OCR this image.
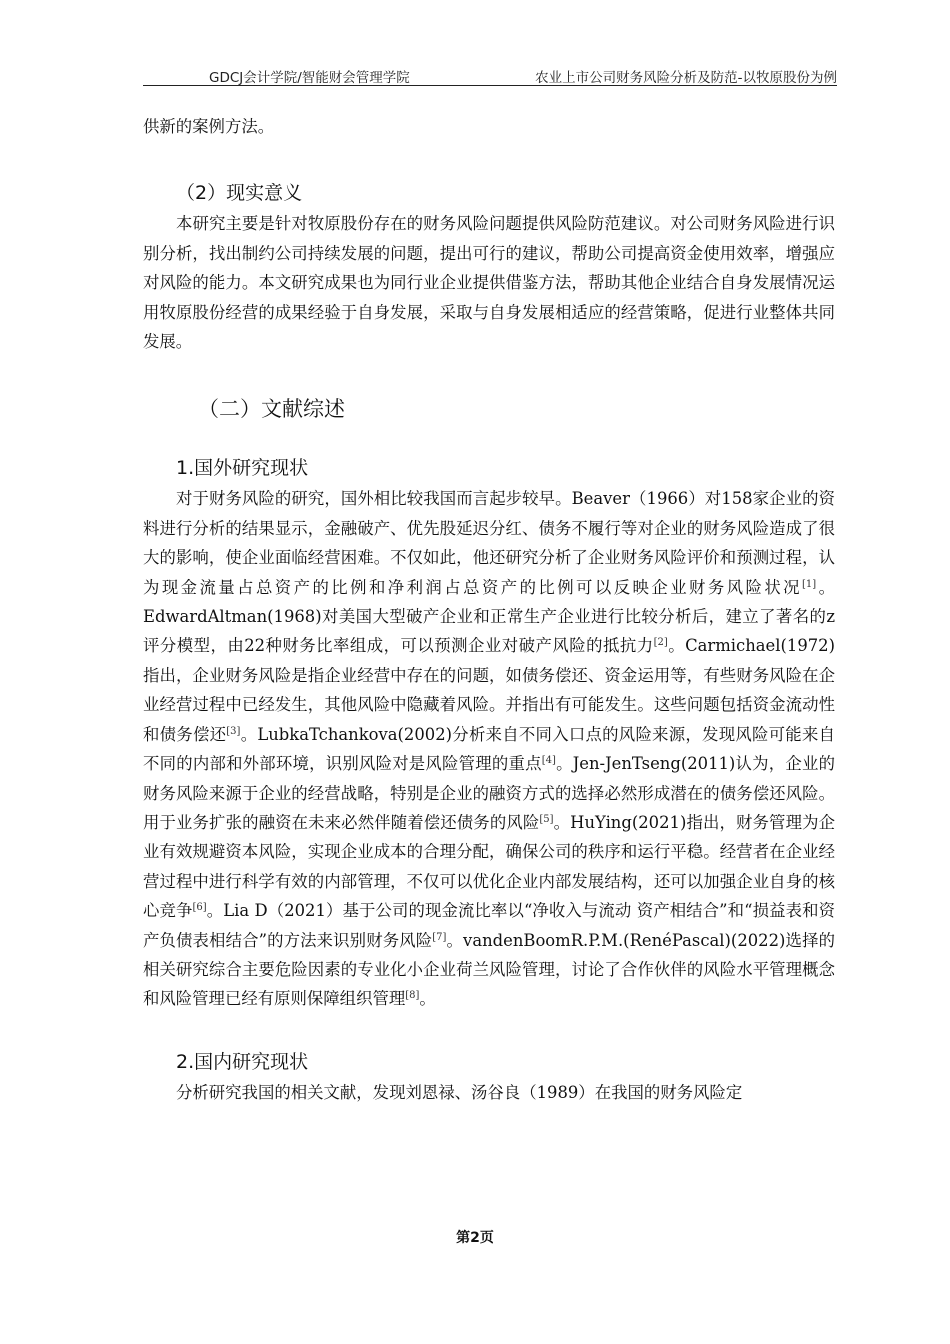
GDCJ会计学院/智能财会管理学院	农业上市公司财务风险分析及防范-以牧原股份为例

供新的案例方法。

（2）现实意义

本研究主要是针对牧原股份存在的财务风险问题提供风险防范建议。对公司财务风险进行识别分析，找出制约公司持续发展的问题，提出可行的建议，帮助公司提高资金使用效率，增强应对风险的能力。本文研究成果也为同行业企业提供借鉴方法，帮助其他企业结合自身发展情况运用牧原股份经营的成果经验于自身发展，采取与自身发展相适应的经营策略，促进行业整体共同发展。

（二）文献综述
1.国外研究现状

对于财务风险的研究，国外相比较我国而言起步较早。Beaver（1966）对158家企业的资料进行分析的结果显示，金融破产、优先股延迟分红、债务不履行等对企业的财务风险造成了很大的影响，使企业面临经营困难。不仅如此，他还研究分析了企业财务风险评价和预测过程，认为现金流量占总资产的比例和净利润占总资产的比例可以反映企业财务风险状况[1]。EdwardAltman(1968)对美国大型破产企业和正常生产企业进行比较分析后，建立了著名的z评分模型，由22种财务比率组成，可以预测企业对破产风险的抵抗力[2]。Carmichael(1972) 指出，企业财务风险是指企业经营中存在的问题，如债务偿还、资金运用等，有些财务风险在企业经营过程中已经发生，其他风险中隐藏着风险。并指出有可能发生。这些问题包括资金流动性和债务偿还[3]。LubkaTchankova(2002)分析来自不同入口点的风险来源，发现风险可能来自不同的内部和外部环境，识别风险对是风险管理的重点[4]。Jen-JenTseng(2011)认为，企业的财务风险来源于企业的经营战略，特别是企业的融资方式的选择必然形成潜在的债务偿还风险。用于业务扩张的融资在未来必然伴随着偿还债务的风险[5]。HuYing(2021)指出，财务管理为企业有效规避资本风险，实现企业成本的合理分配，确保公司的秩序和运行平稳。经营者在企业经营过程中进行科学有效的内部管理，不仅可以优化企业内部发展结构，还可以加强企业自身的核心竞争[6]。Lia D（2021）基于公司的现金流比率以“净收入与流动 资产相结合”和“损益表和资产负债表相结合”的方法来识别财务风险[7]。vandenBoomR.P.M.(RenéPascal)(2022)选择的相关研究综合主要危险因素的专业化小企业荷兰风险管理，讨论了合作伙伴的风险水平管理概念和风险管理已经有原则保障组织管理[8]。

2.国内研究现状

分析研究我国的相关文献，发现刘恩禄、汤谷良（1989）在我国的财务风险定

第2页
